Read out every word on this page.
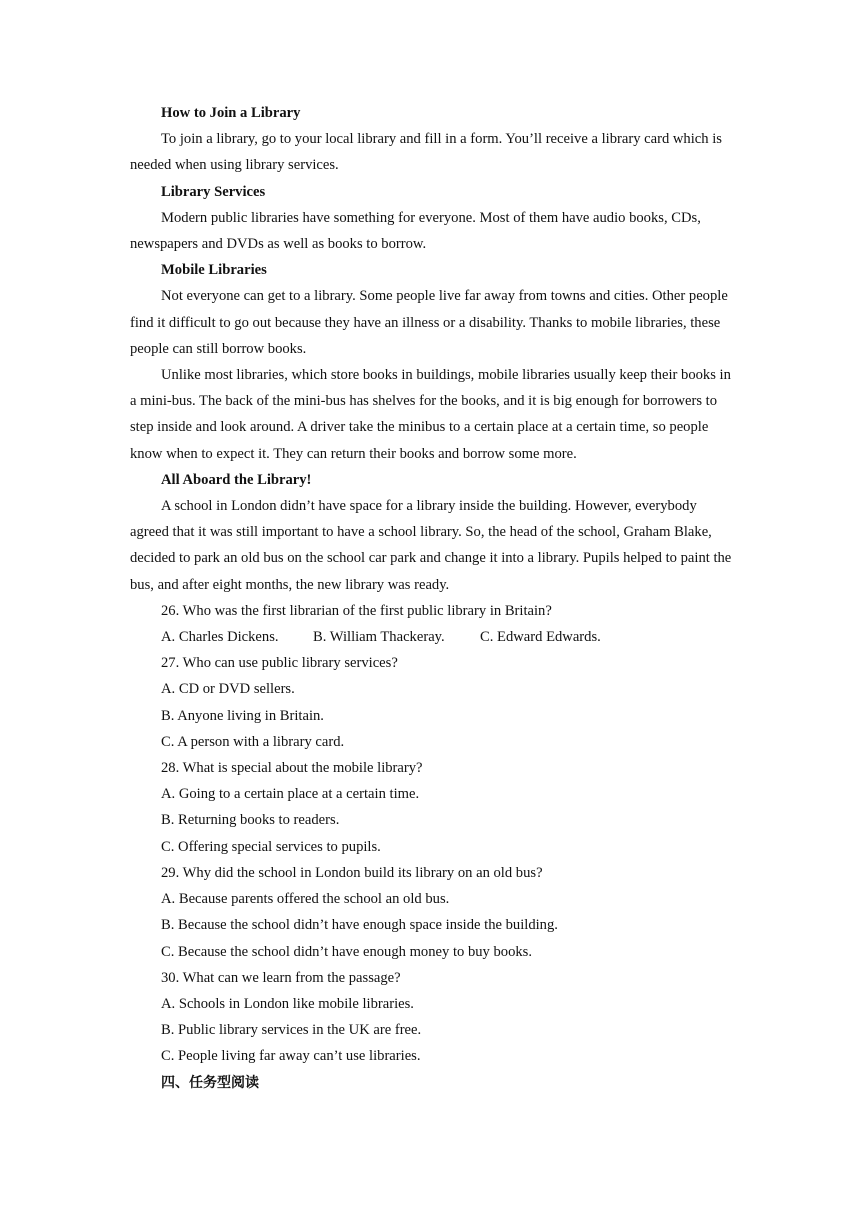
How to Join a Library

To join a library, go to your local library and fill in a form. You’ll receive a library card which is needed when using library services.

Library Services

Modern public libraries have something for everyone. Most of them have audio books, CDs, newspapers and DVDs as well as books to borrow.

Mobile Libraries

Not everyone can get to a library. Some people live far away from towns and cities. Other people find it difficult to go out because they have an illness or a disability. Thanks to mobile libraries, these people can still borrow books.

Unlike most libraries, which store books in buildings, mobile libraries usually keep their books in a mini-bus. The back of the mini-bus has shelves for the books, and it is big enough for borrowers to step inside and look around. A driver take the minibus to a certain place at a certain time, so people know when to expect it. They can return their books and borrow some more.

All Aboard the Library!

A school in London didn’t have space for a library inside the building. However, everybody agreed that it was still important to have a school library. So, the head of the school, Graham Blake, decided to park an old bus on the school car park and change it into a library. Pupils helped to paint the bus, and after eight months, the new library was ready.

26. Who was the first librarian of the first public library in Britain?

A. Charles Dickens. B. William Thackeray. C. Edward Edwards.

27. Who can use public library services?

A. CD or DVD sellers.

B. Anyone living in Britain.

C. A person with a library card.

28. What is special about the mobile library?

A. Going to a certain place at a certain time.

B. Returning books to readers.

C. Offering special services to pupils.

29. Why did the school in London build its library on an old bus?

A. Because parents offered the school an old bus.

B. Because the school didn’t have enough space inside the building.

C. Because the school didn’t have enough money to buy books.

30. What can we learn from the passage?

A. Schools in London like mobile libraries.

B. Public library services in the UK are free.

C. People living far away can’t use libraries.

四、任务型阅读
